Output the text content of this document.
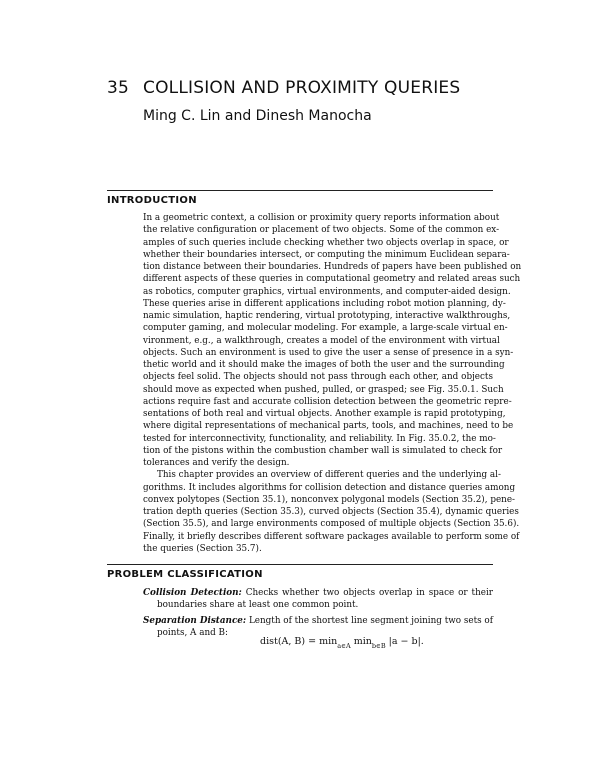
35 COLLISION AND PROXIMITY QUERIES
Ming C. Lin and Dinesh Manocha
INTRODUCTION
In a geometric context, a collision or proximity query reports information about
the relative configuration or placement of two objects. Some of the common ex-
amples of such queries include checking whether two objects overlap in space, or
whether their boundaries intersect, or computing the minimum Euclidean separa-
tion distance between their boundaries. Hundreds of papers have been published on
different aspects of these queries in computational geometry and related areas such
as robotics, computer graphics, virtual environments, and computer-aided design.
These queries arise in different applications including robot motion planning, dy-
namic simulation, haptic rendering, virtual prototyping, interactive walkthroughs,
computer gaming, and molecular modeling. For example, a large-scale virtual en-
vironment, e.g., a walkthrough, creates a model of the environment with virtual
objects. Such an environment is used to give the user a sense of presence in a syn-
thetic world and it should make the images of both the user and the surrounding
objects feel solid. The objects should not pass through each other, and objects
should move as expected when pushed, pulled, or grasped; see Fig. 35.0.1. Such
actions require fast and accurate collision detection between the geometric repre-
sentations of both real and virtual objects. Another example is rapid prototyping,
where digital representations of mechanical parts, tools, and machines, need to be
tested for interconnectivity, functionality, and reliability. In Fig. 35.0.2, the mo-
tion of the pistons within the combustion chamber wall is simulated to check for
tolerances and verify the design.
This chapter provides an overview of different queries and the underlying al-
gorithms. It includes algorithms for collision detection and distance queries among
convex polytopes (Section 35.1), nonconvex polygonal models (Section 35.2), pene-
tration depth queries (Section 35.3), curved objects (Section 35.4), dynamic queries
(Section 35.5), and large environments composed of multiple objects (Section 35.6).
Finally, it briefly describes different software packages available to perform some of
the queries (Section 35.7).
PROBLEM CLASSIFICATION
Collision Detection: Checks whether two objects overlap in space or their
boundaries share at least one common point.
Separation Distance: Length of the shortest line segment joining two sets of
points, A and B:
dist(A, $B) = \min_{a\in A} \min_{b\in B} |a - b|$.
